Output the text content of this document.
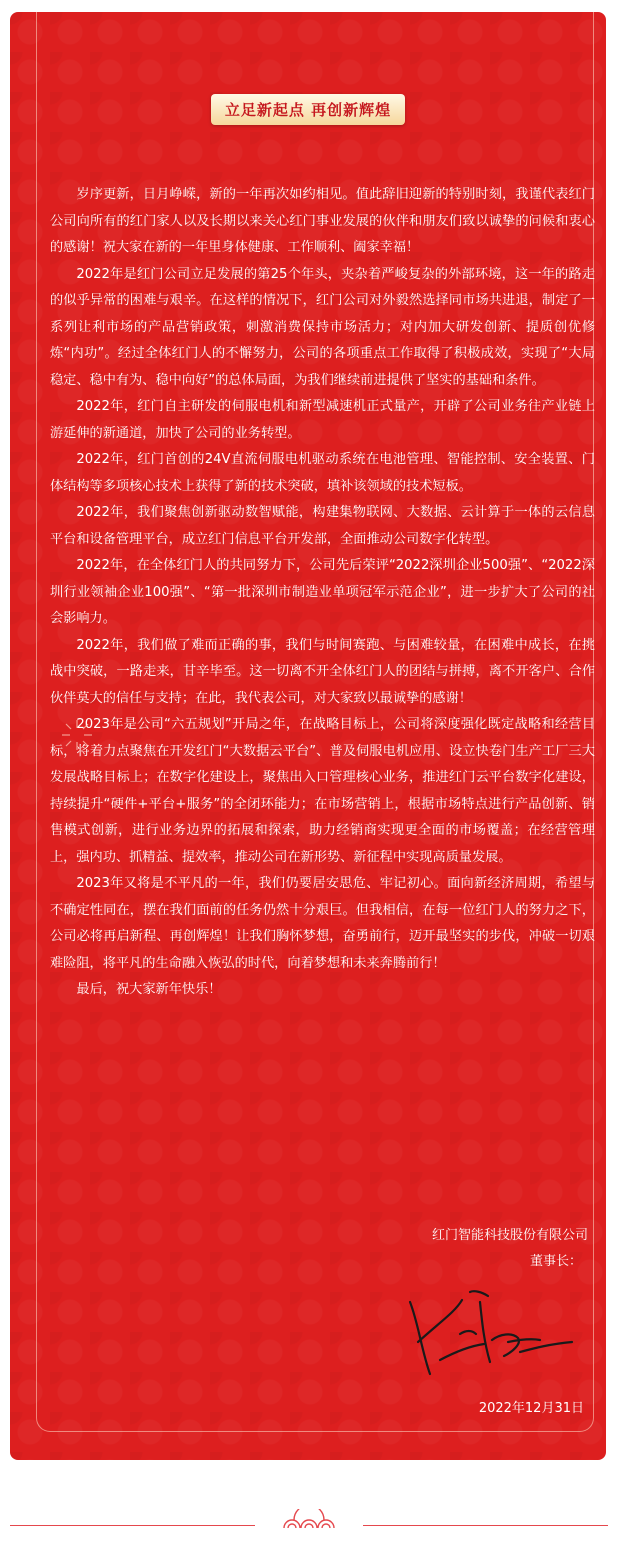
立足新起点 再创新辉煌

岁序更新，日月峥嵘，新的一年再次如约相见。值此辞旧迎新的特别时刻，我谨代表红门公司向所有的红门家人以及长期以来关心红门事业发展的伙伴和朋友们致以诚挚的问候和衷心的感谢！祝大家在新的一年里身体健康、工作顺利、阖家幸福！

2022年是红门公司立足发展的第25个年头，夹杂着严峻复杂的外部环境，这一年的路走的似乎异常的困难与艰辛。在这样的情况下，红门公司对外毅然选择同市场共进退，制定了一系列让利市场的产品营销政策，刺激消费保持市场活力；对内加大研发创新、提质创优修炼“内功”。经过全体红门人的不懈努力，公司的各项重点工作取得了积极成效，实现了“大局稳定、稳中有为、稳中向好”的总体局面，为我们继续前进提供了坚实的基础和条件。

2022年，红门自主研发的伺服电机和新型减速机正式量产，开辟了公司业务往产业链上游延伸的新通道，加快了公司的业务转型。

2022年，红门首创的24V直流伺服电机驱动系统在电池管理、智能控制、安全装置、门体结构等多项核心技术上获得了新的技术突破，填补该领域的技术短板。

2022年，我们聚焦创新驱动数智赋能，构建集物联网、大数据、云计算于一体的云信息平台和设备管理平台，成立红门信息平台开发部，全面推动公司数字化转型。

2022年，在全体红门人的共同努力下，公司先后荣评“2022深圳企业500强”、“2022深圳行业领袖企业100强”、“第一批深圳市制造业单项冠军示范企业”，进一步扩大了公司的社会影响力。

2022年，我们做了难而正确的事，我们与时间赛跑、与困难较量，在困难中成长，在挑战中突破，一路走来，甘辛毕至。这一切离不开全体红门人的团结与拼搏，离不开客户、合作伙伴莫大的信任与支持；在此，我代表公司，对大家致以最诚挚的感谢！

2023年是公司“六五规划”开局之年，在战略目标上，公司将深度强化既定战略和经营目标，将着力点聚焦在开发红门“大数据云平台”、普及伺服电机应用、设立快卷门生产工厂三大发展战略目标上；在数字化建设上，聚焦出入口管理核心业务，推进红门云平台数字化建设，持续提升“硬件+平台+服务”的全闭环能力；在市场营销上，根据市场特点进行产品创新、销售模式创新，进行业务边界的拓展和探索，助力经销商实现更全面的市场覆盖；在经营管理上，强内功、抓精益、提效率，推动公司在新形势、新征程中实现高质量发展。

2023年又将是不平凡的一年，我们仍要居安思危、牢记初心。面向新经济周期，希望与不确定性同在，摆在我们面前的任务仍然十分艰巨。但我相信，在每一位红门人的努力之下，公司必将再启新程、再创辉煌！让我们胸怀梦想，奋勇前行，迈开最坚实的步伐，冲破一切艰难险阻，将平凡的生命融入恢弘的时代，向着梦想和未来奔腾前行！

最后，祝大家新年快乐！

红门智能科技股份有限公司
董事长：
2022年12月31日
